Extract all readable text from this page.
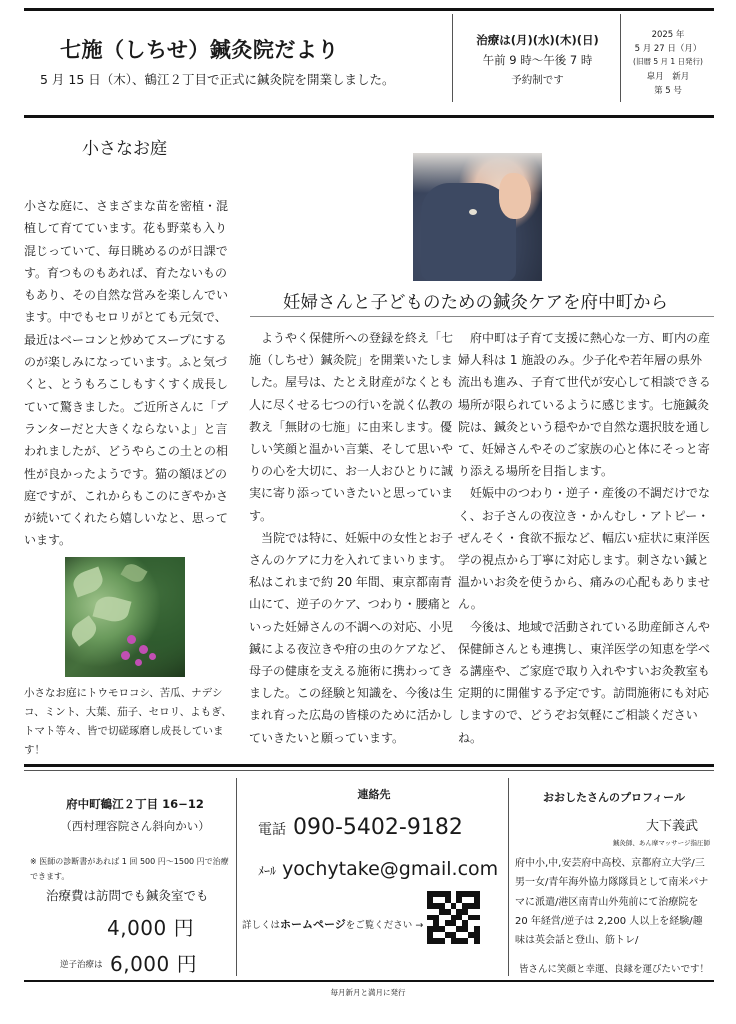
七施（しちせ）鍼灸院だより
5 月 15 日（木）、鶴江２丁目で正式に鍼灸院を開業しました。
治療は(月)(水)(木)(日)
午前 9 時～午後 7 時
予約制です
2025 年
5 月 27 日（月）
(旧暦 5 月 1 日発行)
皐月　新月
第 5 号
小さなお庭
小さな庭に、さまざまな苗を密植・混植して育てています。花も野菜も入り混じっていて、毎日眺めるのが日課です。育つものもあれば、育たないものもあり、その自然な営みを楽しんでいます。中でもセロリがとても元気で、最近はベーコンと炒めてスープにするのが楽しみになっています。ふと気づくと、とうもろこしもすくすく成長していて驚きました。ご近所さんに「プランターだと大きくならないよ」と言われましたが、どうやらこの土との相性が良かったようです。猫の額ほどの庭ですが、これからもこのにぎやかさが続いてくれたら嬉しいなと、思っています。
小さなお庭にトウモロコシ、苦瓜、ナデシコ、ミント、大葉、茄子、セロリ、よもぎ、トマト等々、皆で切磋琢磨し成長しています！
妊婦さんと子どものための鍼灸ケアを府中町から

ようやく保健所への登録を終え「七施（しちせ）鍼灸院」を開業いたしました。屋号は、たとえ財産がなくとも人に尽くせる七つの行いを説く仏教の教え「無財の七施」に由来します。優しい笑顔と温かい言葉、そして思いやりの心を大切に、お一人おひとりに誠実に寄り添っていきたいと思っています。

当院では特に、妊娠中の女性とお子さんのケアに力を入れてまいります。私はこれまで約 20 年間、東京都南青山にて、逆子のケア、つわり・腰痛といった妊婦さんの不調への対応、小児鍼による夜泣きや疳の虫のケアなど、母子の健康を支える施術に携わってきました。この経験と知識を、今後は生まれ育った広島の皆様のために活かしていきたいと願っています。

府中町は子育て支援に熱心な一方、町内の産婦人科は 1 施設のみ。少子化や若年層の県外流出も進み、子育て世代が安心して相談できる場所が限られているように感じます。七施鍼灸院は、鍼灸という穏やかで自然な選択肢を通して、妊婦さんやそのご家族の心と体にそっと寄り添える場所を目指します。

妊娠中のつわり・逆子・産後の不調だけでなく、お子さんの夜泣き・かんむし・アトピー・ぜんそく・食欲不振など、幅広い症状に東洋医学の視点から丁寧に対応します。刺さない鍼と温かいお灸を使うから、痛みの心配もありません。

今後は、地域で活動されている助産師さんや保健師さんとも連携し、東洋医学の知恵を学べる講座や、ご家庭で取り入れやすいお灸教室も定期的に開催する予定です。訪問施術にも対応しますので、どうぞお気軽にご相談くださいね。

府中町鶴江２丁目 16−12
（西村理容院さん斜向かい）
※ 医師の診断書があれば 1 回 500 円～1500 円で治療できます。
治療費は訪問でも鍼灸室でも
4,000 円
逆子治療は 6,000 円
連絡先
電話 090-5402-9182
ﾒｰﾙ yochytake@gmail.com
詳しくはホームページをご覧ください →
おおしたさんのプロフィール
大下義武
鍼灸師、あん摩マッサージ指圧師
府中小,中,安芸府中高校、京都府立大学/三男一女/青年海外協力隊隊員として南米パナマに派遣/港区南青山外苑前にて治療院を 20 年経営/逆子は 2,200 人以上を経験/趣味は英会話と登山、筋トレ/
皆さんに笑顔と幸運、良縁を運びたいです！
毎月新月と満月に発行
